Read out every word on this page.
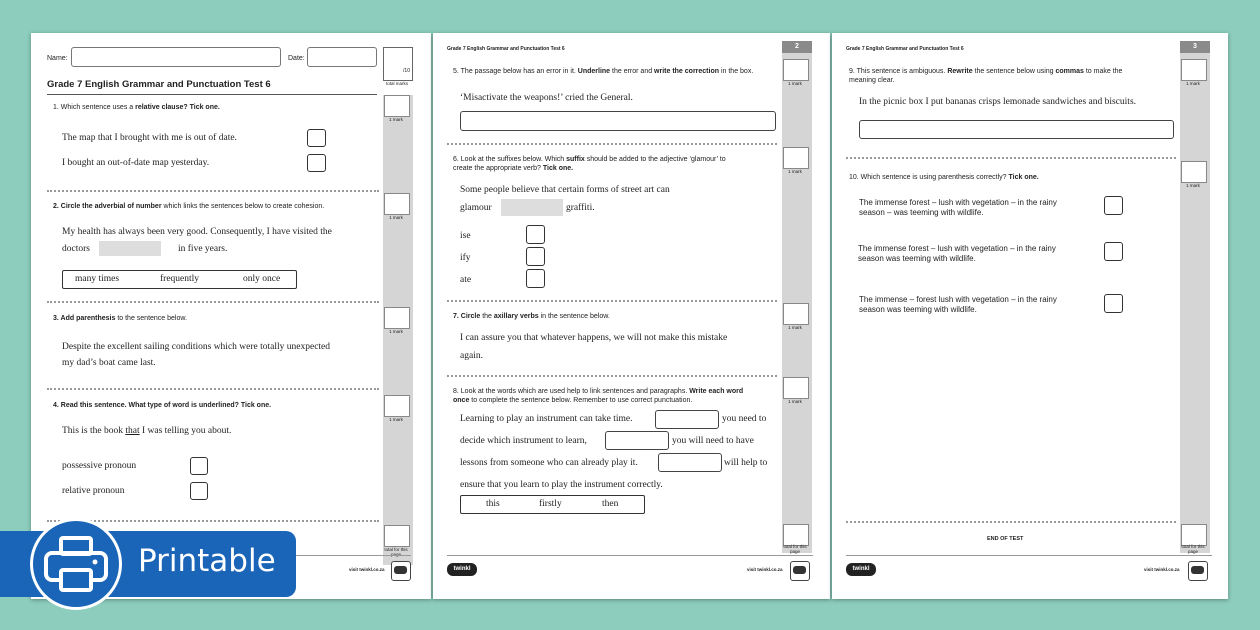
Name:	Date:
/10
total marks
Grade 7 English Grammar and Punctuation Test 6
1 mark
1 mark
1 mark
1 mark
total for this page
1. Which sentence uses a relative clause? Tick one.
The map that I brought with me is out of date.
I bought an out-of-date map yesterday.
2. Circle the adverbial of number which links the sentences below to create cohesion.
My health has always been very good. Consequently, I have visited the
doctors	in five years.
many times	frequently	only once
3. Add parenthesis to the sentence below.
Despite the excellent sailing conditions which were totally unexpected
my dad’s boat came last.
4. Read this sentence. What type of word is underlined? Tick one.
This is the book that I was telling you about.
possessive pronoun
relative pronoun
visit twinkl.co.za
Grade 7 English Grammar and Punctuation Test 6	2
1 mark
1 mark
1 mark
1 mark
total for this page
5. The passage below has an error in it. Underline the error and write the correction in the box.
‘Misactivate the weapons!’ cried the General.
6. Look at the suffixes below. Which suffix should be added to the adjective ‘glamour’ to
create the appropriate verb? Tick one.
Some people believe that certain forms of street art can
glamour	graffiti.
ise
ify
ate
7. Circle the axillary verbs in the sentence below.
I can assure you that whatever happens, we will not make this mistake
again.
8. Look at the words which are used help to link sentences and paragraphs. Write each word
once to complete the sentence below. Remember to use correct punctuation.
Learning to play an instrument can take time.	you need to
decide which instrument to learn,	you will need to have
lessons from someone who can already play it.	will help to
ensure that you learn to play the instrument correctly.
this	firstly	then
twinkl	visit twinkl.co.za
Grade 7 English Grammar and Punctuation Test 6	3
1 mark
1 mark
total for this page
9. This sentence is ambiguous. Rewrite the sentence below using commas to make the
meaning clear.
In the picnic box I put bananas crisps lemonade sandwiches and biscuits.
10. Which sentence is using parenthesis correctly? Tick one.
The immense forest – lush with vegetation – in the rainy
season – was teeming with wildlife.
The immense forest – lush with vegetation – in the rainy
season was teeming with wildlife.
The immense – forest lush with vegetation – in the rainy
season was teeming with wildlife.
END OF TEST
twinkl	visit twinkl.co.za
Printable
